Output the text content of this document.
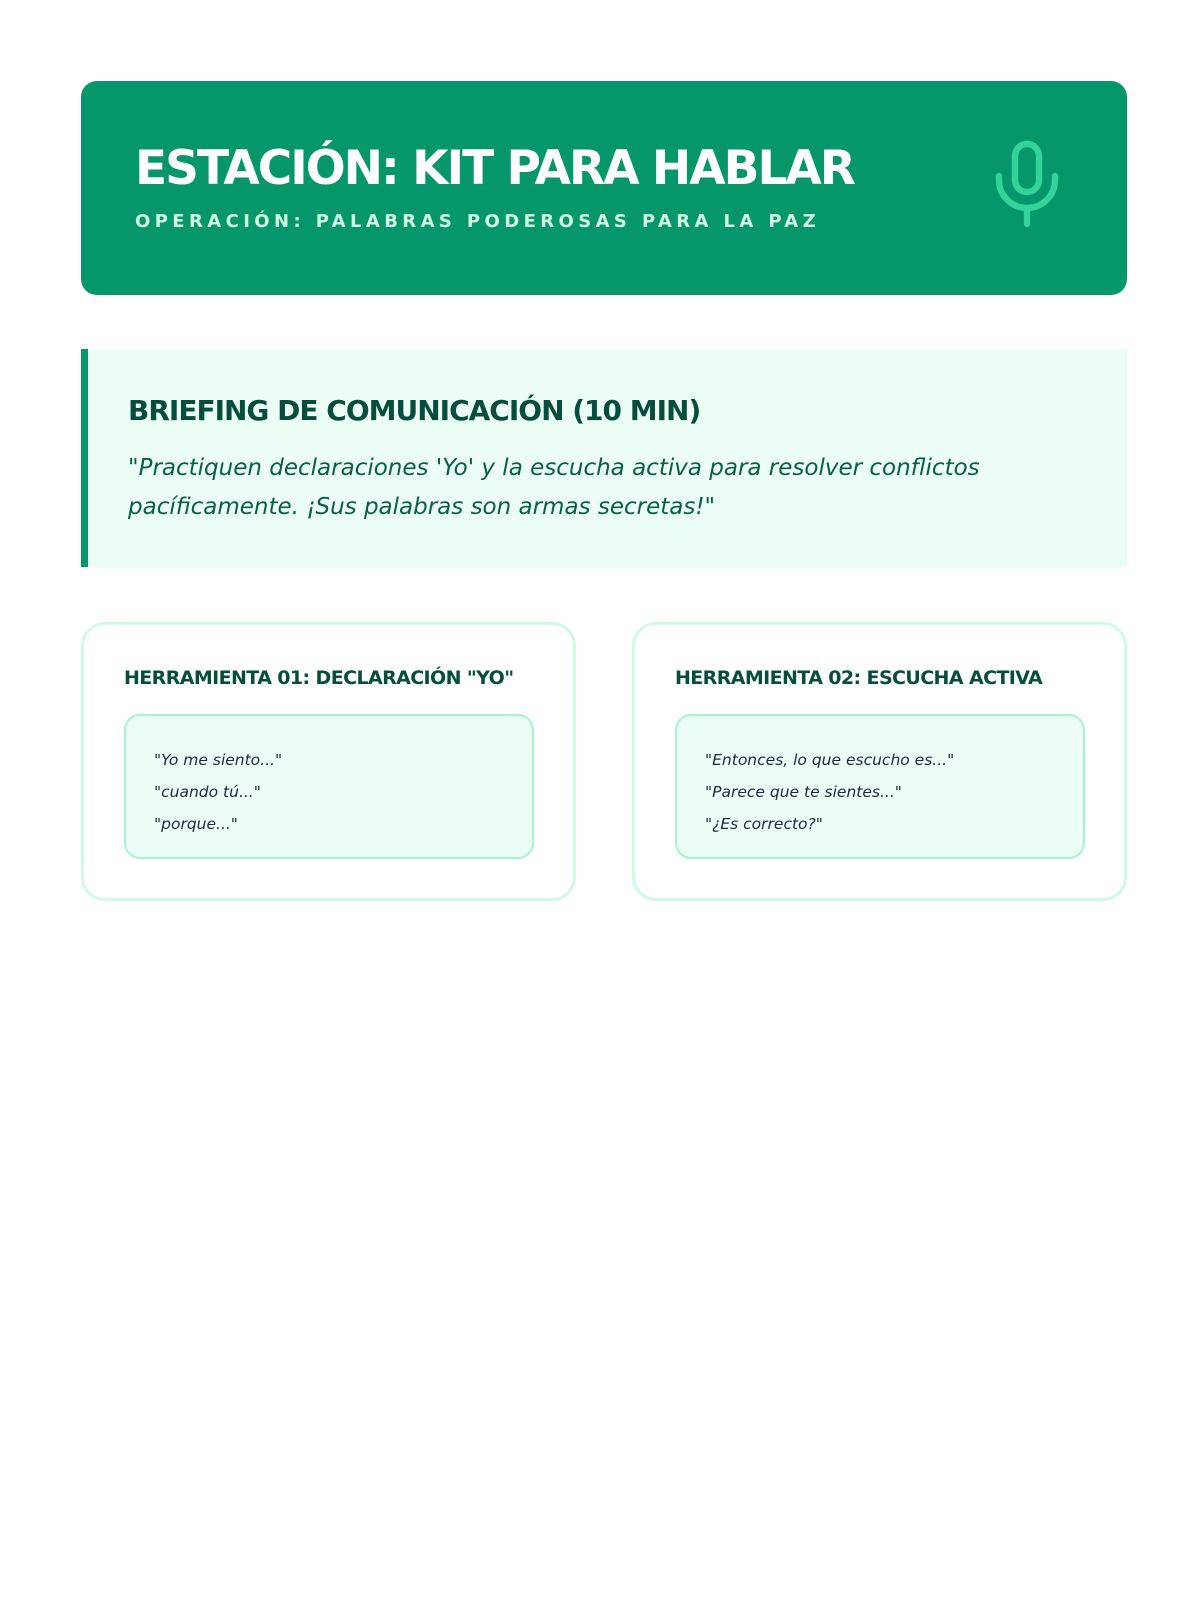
ESTACIÓN: KIT PARA HABLAR
OPERACIÓN: PALABRAS PODEROSAS PARA LA PAZ
BRIEFING DE COMUNICACIÓN (10 MIN)

"Practiquen declaraciones 'Yo' y la escucha activa para resolver conflictos pacíficamente. ¡Sus palabras son armas secretas!"

HERRAMIENTA 01: DECLARACIÓN "YO"
"Yo me siento..."
"cuando tú..."
"porque..."
HERRAMIENTA 02: ESCUCHA ACTIVA
"Entonces, lo que escucho es..."
"Parece que te sientes..."
"¿Es correcto?"
